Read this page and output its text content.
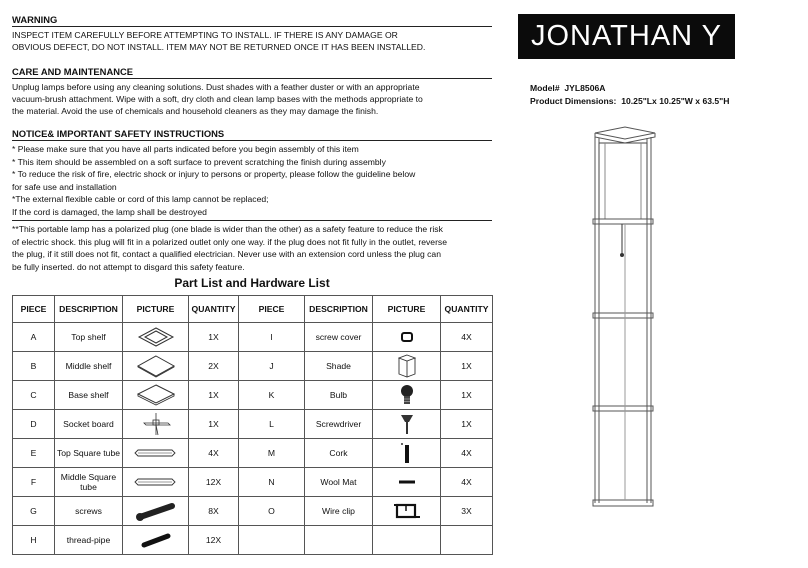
WARNING
INSPECT ITEM CAREFULLY BEFORE ATTEMPTING TO INSTALL. IF THERE IS ANY DAMAGE OR
OBVIOUS DEFECT, DO NOT INSTALL. ITEM MAY NOT BE RETURNED ONCE IT HAS BEEN INSTALLED.
CARE AND MAINTENANCE
Unplug lamps before using any cleaning solutions. Dust shades with a feather duster or with an appropriate
vacuum-brush attachment. Wipe with a soft, dry cloth and clean lamp bases with the methods appropriate to
the material. Avoid the use of chemicals and household cleaners as they may damage the finish.
NOTICE& IMPORTANT SAFETY INSTRUCTIONS
* Please make sure that you have all parts indicated before you begin assembly of this item
* This item should be assembled on a soft surface to prevent scratching the finish during assembly
* To reduce the risk of fire, electric shock or injury to persons or property, please follow the guideline below
for safe use and installation
*The external flexible cable or cord of this lamp cannot be replaced;
If the cord is damaged, the lamp shall be destroyed
**This portable lamp has a polarized plug (one blade is wider than the other) as a safety feature to reduce the risk
of electric shock. this plug will fit in a polarized outlet only one way. if the plug does not fit fully in the outlet, reverse
the plug, if it still does not fit, contact a qualified electrician. Never use with an extension cord unless the plug can
be fully inserted. do not attempt to disgard this safety feature.
Part List and Hardware List
PIECE	DESCRIPTION	PICTURE	QUANTITY	PIECE	DESCRIPTION	PICTURE	QUANTITY
A	Top shelf		1X	I	screw cover		4X
B	Middle shelf		2X	J	Shade		1X
C	Base shelf		1X	K	Bulb		1X
D	Socket board		1X	L	Screwdriver		1X
E	Top Square tube		4X	M	Cork		4X
F	Middle Square tube		12X	N	Wool Mat		4X
G	screws		8X	O	Wire clip		3X
H	thread-pipe		12X				
JONATHAN Y
Model# JYL8506A
Product Dimensions: 10.25"Lx 10.25"W x 63.5"H
